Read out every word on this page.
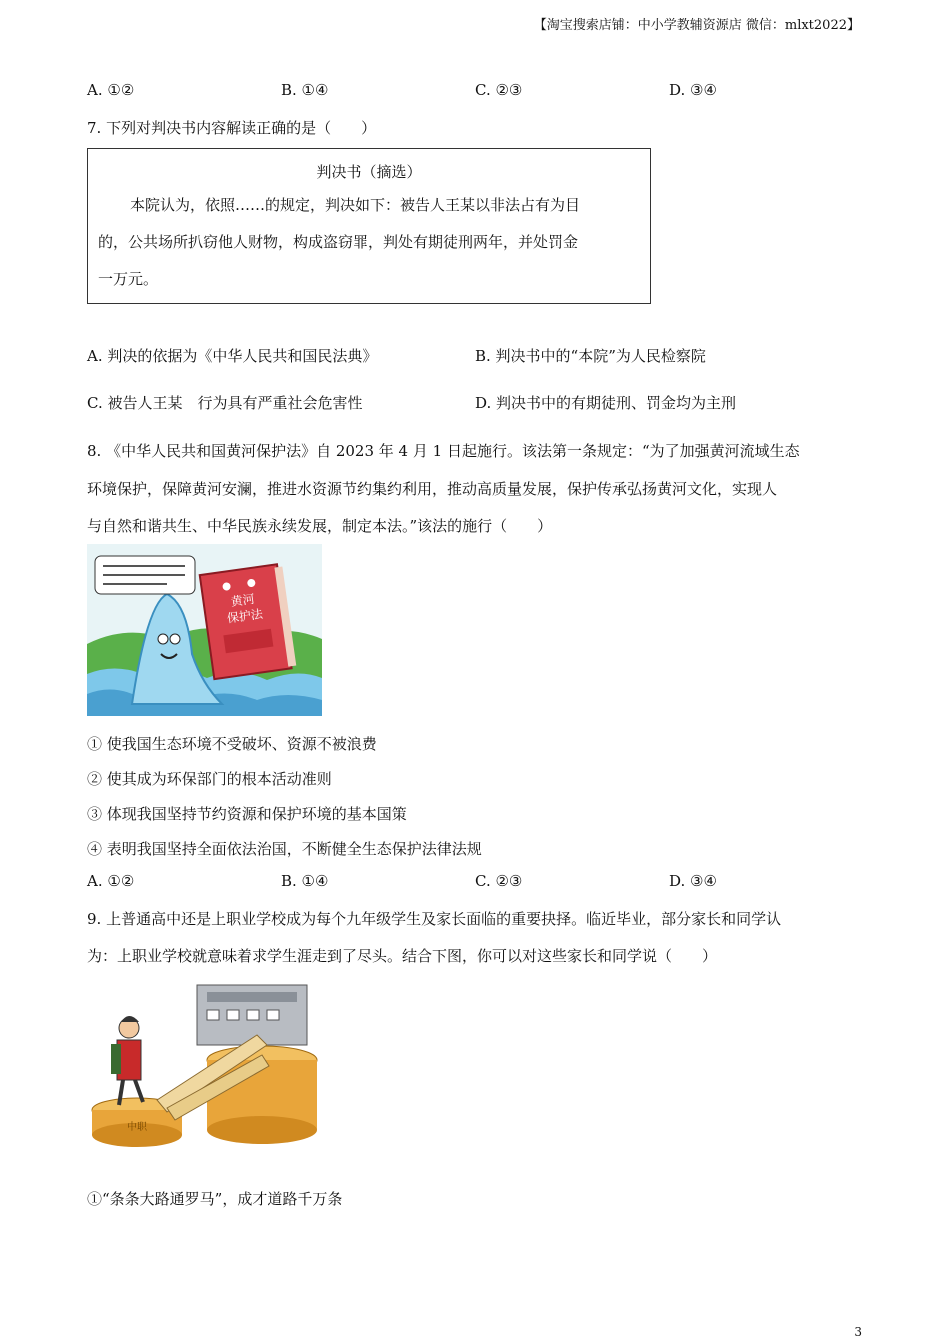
【淘宝搜索店铺：中小学教辅资源店 微信：mlxt2022】
A. ①②	B. ①④	C. ②③	D. ③④
7. 下列对判决书内容解读正确的是（　　）
判决书（摘选）
本院认为，依照……的规定，判决如下：被告人王某以非法占有为目
的，公共场所扒窃他人财物，构成盗窃罪，判处有期徒刑两年，并处罚金
一万元。
A. 判决的依据为《中华人民共和国民法典》	B. 判决书中的“本院”为人民检察院
C. 被告人王某　行为具有严重社会危害性	D. 判决书中的有期徒刑、罚金均为主刑
8. 《中华人民共和国黄河保护法》自 2023 年 4 月 1 日起施行。该法第一条规定：“为了加强黄河流域生态
环境保护，保障黄河安澜，推进水资源节约集约利用，推动高质量发展，保护传承弘扬黄河文化，实现人
与自然和谐共生、中华民族永续发展，制定本法。”该法的施行（　　）
黄河
保护法
① 使我国生态环境不受破坏、资源不被浪费
② 使其成为环保部门的根本活动准则
③ 体现我国坚持节约资源和保护环境的基本国策
④ 表明我国坚持全面依法治国，不断健全生态保护法律法规
A. ①②	B. ①④	C. ②③	D. ③④
9. 上普通高中还是上职业学校成为每个九年级学生及家长面临的重要抉择。临近毕业，部分家长和同学认
为：上职业学校就意味着求学生涯走到了尽头。结合下图，你可以对这些家长和同学说（　　）
中职
①“条条大路通罗马”，成才道路千万条
3
